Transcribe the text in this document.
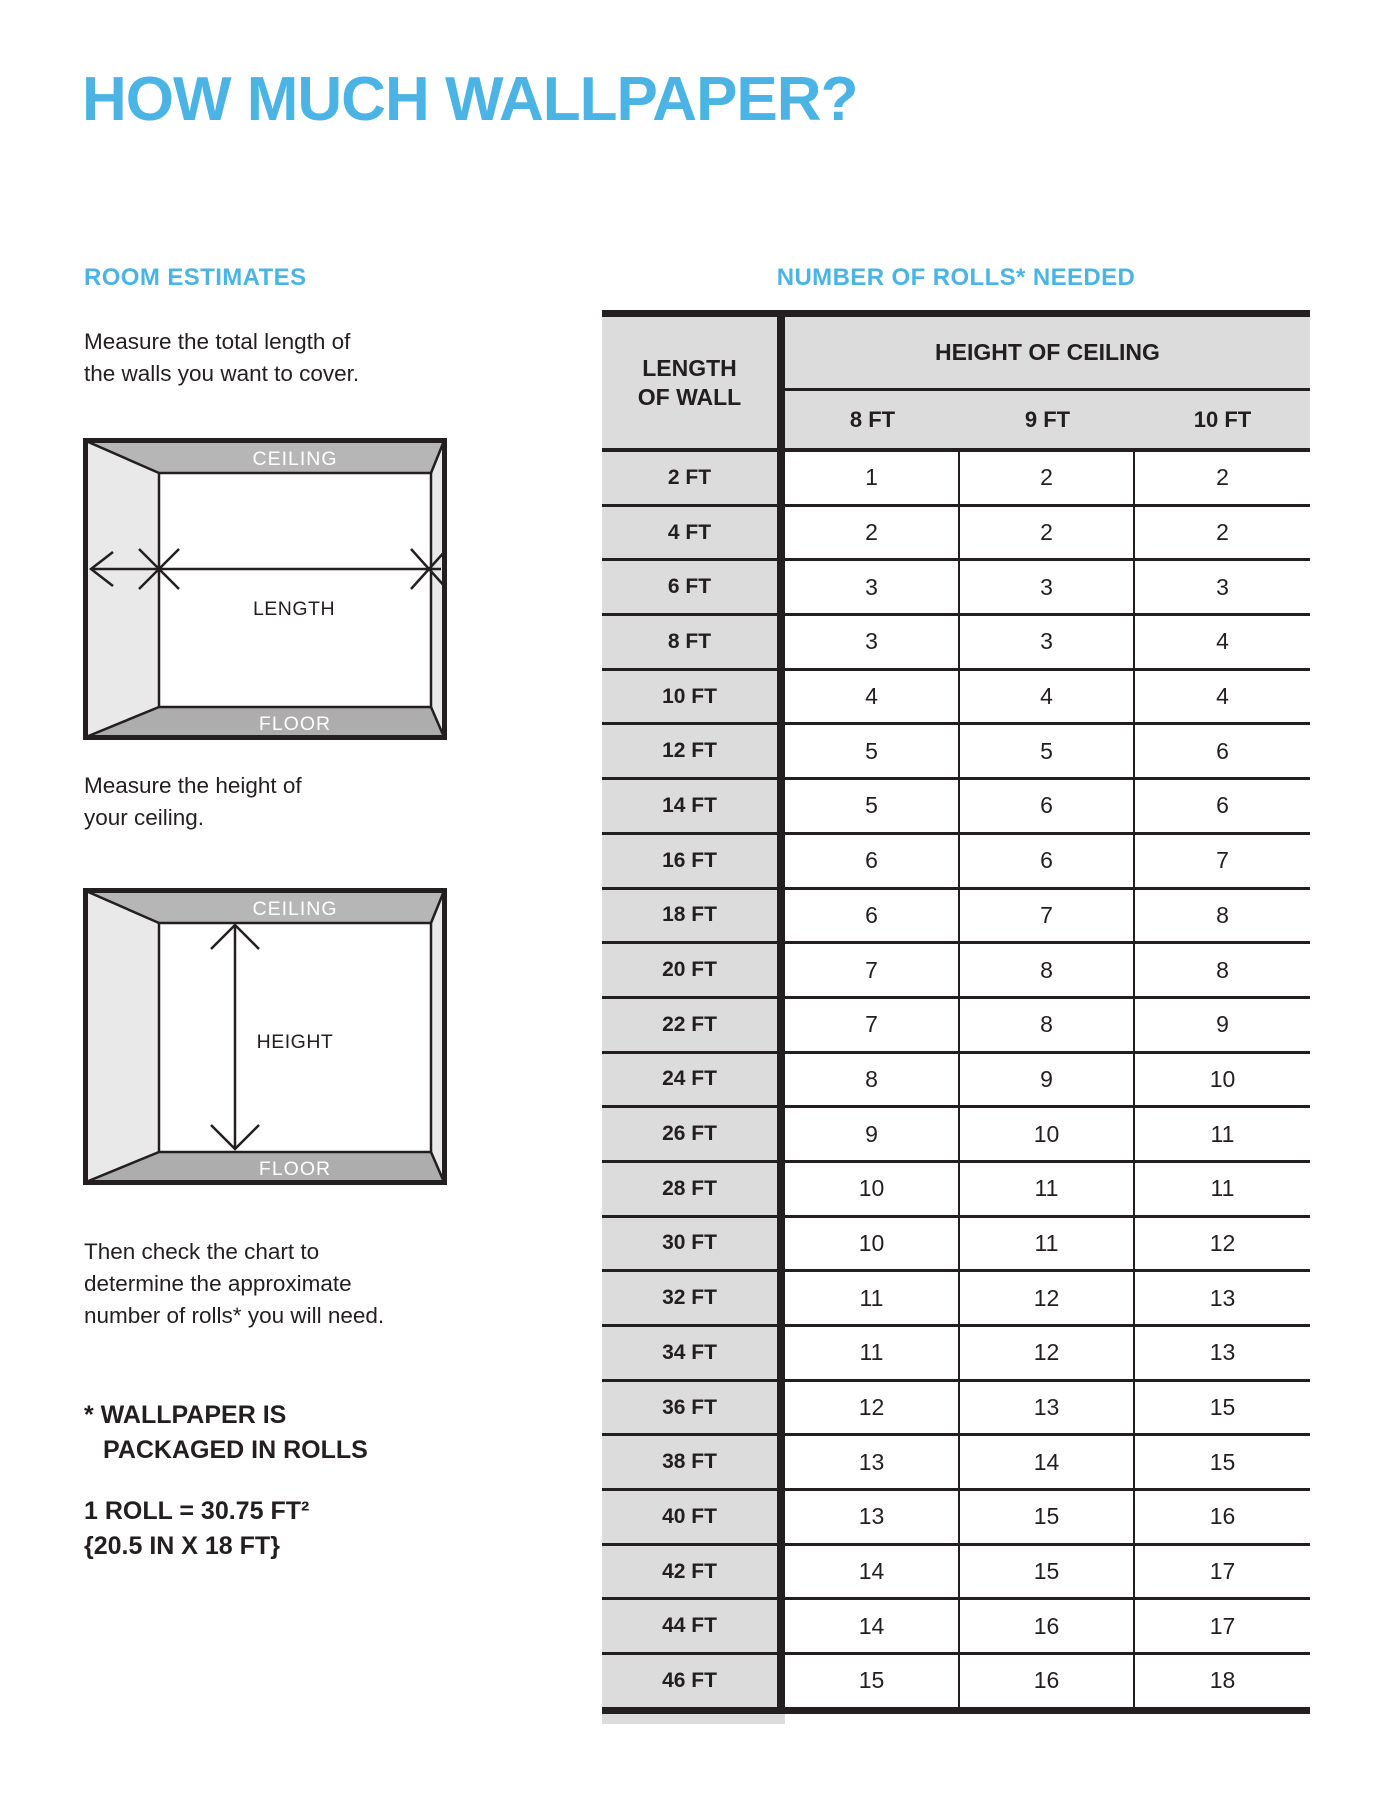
HOW MUCH WALLPAPER?
ROOM ESTIMATES
Measure the total length of
the walls you want to cover.
CEILING
FLOOR
LENGTH
Measure the height of
your ceiling.
CEILING
FLOOR
HEIGHT
Then check the chart to
determine the approximate
number of rolls* you will need.
* WALLPAPER IS
PACKAGED IN ROLLS
1 ROLL = 30.75 FT²
{20.5 IN X 18 FT}
NUMBER OF ROLLS* NEEDED
LENGTH
OF WALL
HEIGHT OF CEILING
8 FT	9 FT	10 FT
2 FT	1	2	2
4 FT	2	2	2
6 FT	3	3	3
8 FT	3	3	4
10 FT	4	4	4
12 FT	5	5	6
14 FT	5	6	6
16 FT	6	6	7
18 FT	6	7	8
20 FT	7	8	8
22 FT	7	8	9
24 FT	8	9	10
26 FT	9	10	11
28 FT	10	11	11
30 FT	10	11	12
32 FT	11	12	13
34 FT	11	12	13
36 FT	12	13	15
38 FT	13	14	15
40 FT	13	15	16
42 FT	14	15	17
44 FT	14	16	17
46 FT	15	16	18
